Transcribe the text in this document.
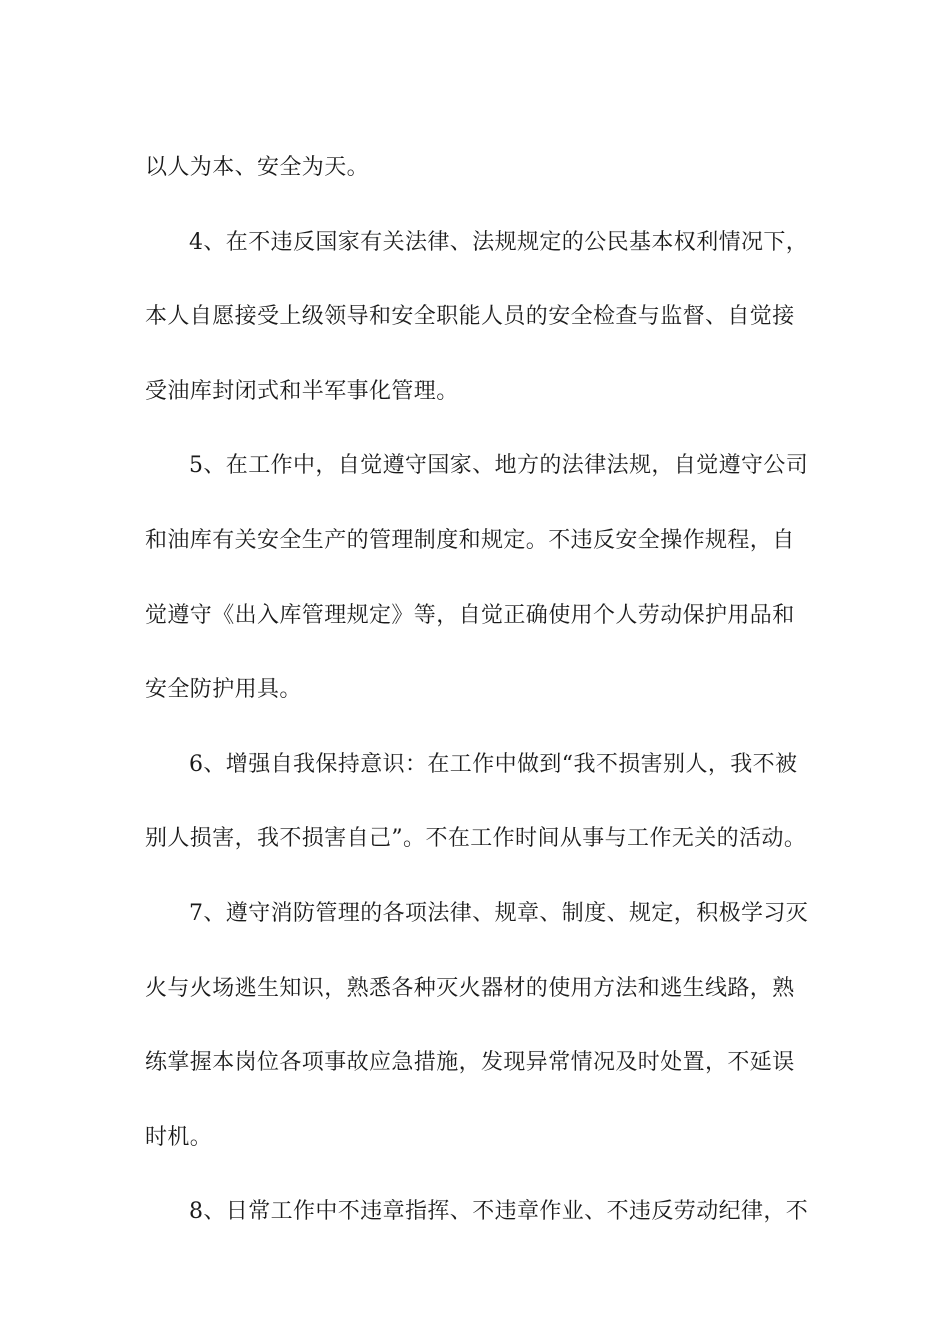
以人为本、安全为天。
4、在不违反国家有关法律、法规规定的公民基本权利情况下，
本人自愿接受上级领导和安全职能人员的安全检查与监督、自觉接
受油库封闭式和半军事化管理。
5、在工作中，自觉遵守国家、地方的法律法规，自觉遵守公司
和油库有关安全生产的管理制度和规定。不违反安全操作规程，自
觉遵守《出入库管理规定》等，自觉正确使用个人劳动保护用品和
安全防护用具。
6、增强自我保持意识：在工作中做到“我不损害别人，我不被
别人损害，我不损害自己”。不在工作时间从事与工作无关的活动。
7、遵守消防管理的各项法律、规章、制度、规定，积极学习灭
火与火场逃生知识，熟悉各种灭火器材的使用方法和逃生线路，熟
练掌握本岗位各项事故应急措施，发现异常情况及时处置，不延误
时机。
8、日常工作中不违章指挥、不违章作业、不违反劳动纪律，不
